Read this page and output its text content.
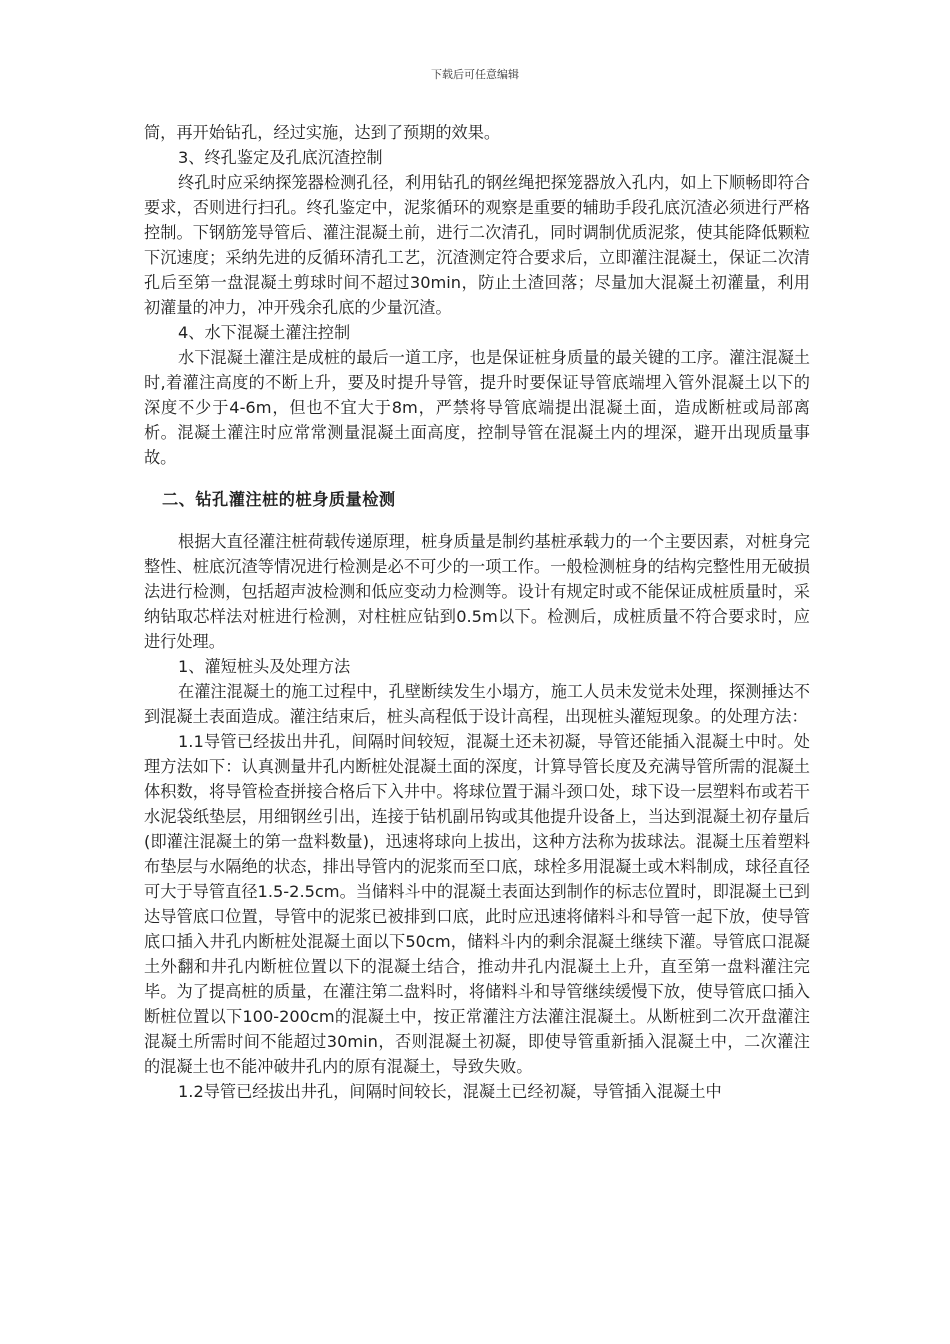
下载后可任意编辑

筒，再开始钻孔，经过实施，达到了预期的效果。

3、终孔鉴定及孔底沉渣控制

终孔时应采纳探笼器检测孔径，利用钻孔的钢丝绳把探笼器放入孔内，如上下顺畅即符合要求，否则进行扫孔。终孔鉴定中，泥浆循环的观察是重要的辅助手段孔底沉渣必须进行严格控制。下钢筋笼导管后、灌注混凝土前，进行二次清孔，同时调制优质泥浆，使其能降低颗粒下沉速度；采纳先进的反循环清孔工艺，沉渣测定符合要求后，立即灌注混凝土，保证二次清孔后至第一盘混凝土剪球时间不超过30min，防止土渣回落；尽量加大混凝土初灌量，利用初灌量的冲力，冲开残余孔底的少量沉渣。

4、水下混凝土灌注控制

水下混凝土灌注是成桩的最后一道工序，也是保证桩身质量的最关键的工序。灌注混凝土时,着灌注高度的不断上升，要及时提升导管，提升时要保证导管底端埋入管外混凝土以下的深度不少于4-6m，但也不宜大于8m，严禁将导管底端提出混凝土面，造成断桩或局部离析。混凝土灌注时应常常测量混凝土面高度，控制导管在混凝土内的埋深，避开出现质量事故。

二、钻孔灌注桩的桩身质量检测

根据大直径灌注桩荷载传递原理，桩身质量是制约基桩承载力的一个主要因素，对桩身完整性、桩底沉渣等情况进行检测是必不可少的一项工作。一般检测桩身的结构完整性用无破损法进行检测，包括超声波检测和低应变动力检测等。设计有规定时或不能保证成桩质量时，采纳钻取芯样法对桩进行检测，对柱桩应钻到0.5m以下。检测后，成桩质量不符合要求时，应进行处理。

1、灌短桩头及处理方法

在灌注混凝土的施工过程中，孔壁断续发生小塌方，施工人员未发觉未处理，探测捶达不到混凝土表面造成。灌注结束后，桩头高程低于设计高程，出现桩头灌短现象。的处理方法：

1.1导管已经拔出井孔，间隔时间较短，混凝土还未初凝，导管还能插入混凝土中时。处理方法如下：认真测量井孔内断桩处混凝土面的深度，计算导管长度及充满导管所需的混凝土体积数，将导管检查拼接合格后下入井中。将球位置于漏斗颈口处，球下设一层塑料布或若干水泥袋纸垫层，用细钢丝引出，连接于钻机副吊钩或其他提升设备上，当达到混凝土初存量后(即灌注混凝土的第一盘料数量)，迅速将球向上拔出，这种方法称为拔球法。混凝土压着塑料布垫层与水隔绝的状态，排出导管内的泥浆而至口底，球栓多用混凝土或木料制成，球径直径可大于导管直径1.5-2.5cm。当储料斗中的混凝土表面达到制作的标志位置时，即混凝土已到达导管底口位置，导管中的泥浆已被排到口底，此时应迅速将储料斗和导管一起下放，使导管底口插入井孔内断桩处混凝土面以下50cm，储料斗内的剩余混凝土继续下灌。导管底口混凝土外翻和井孔内断桩位置以下的混凝土结合，推动井孔内混凝土上升，直至第一盘料灌注完毕。为了提高桩的质量，在灌注第二盘料时，将储料斗和导管继续缓慢下放，使导管底口插入断桩位置以下100-200cm的混凝土中，按正常灌注方法灌注混凝土。从断桩到二次开盘灌注混凝土所需时间不能超过30min，否则混凝土初凝，即使导管重新插入混凝土中，二次灌注的混凝土也不能冲破井孔内的原有混凝土，导致失败。

1.2导管已经拔出井孔，间隔时间较长，混凝土已经初凝，导管插入混凝土中
